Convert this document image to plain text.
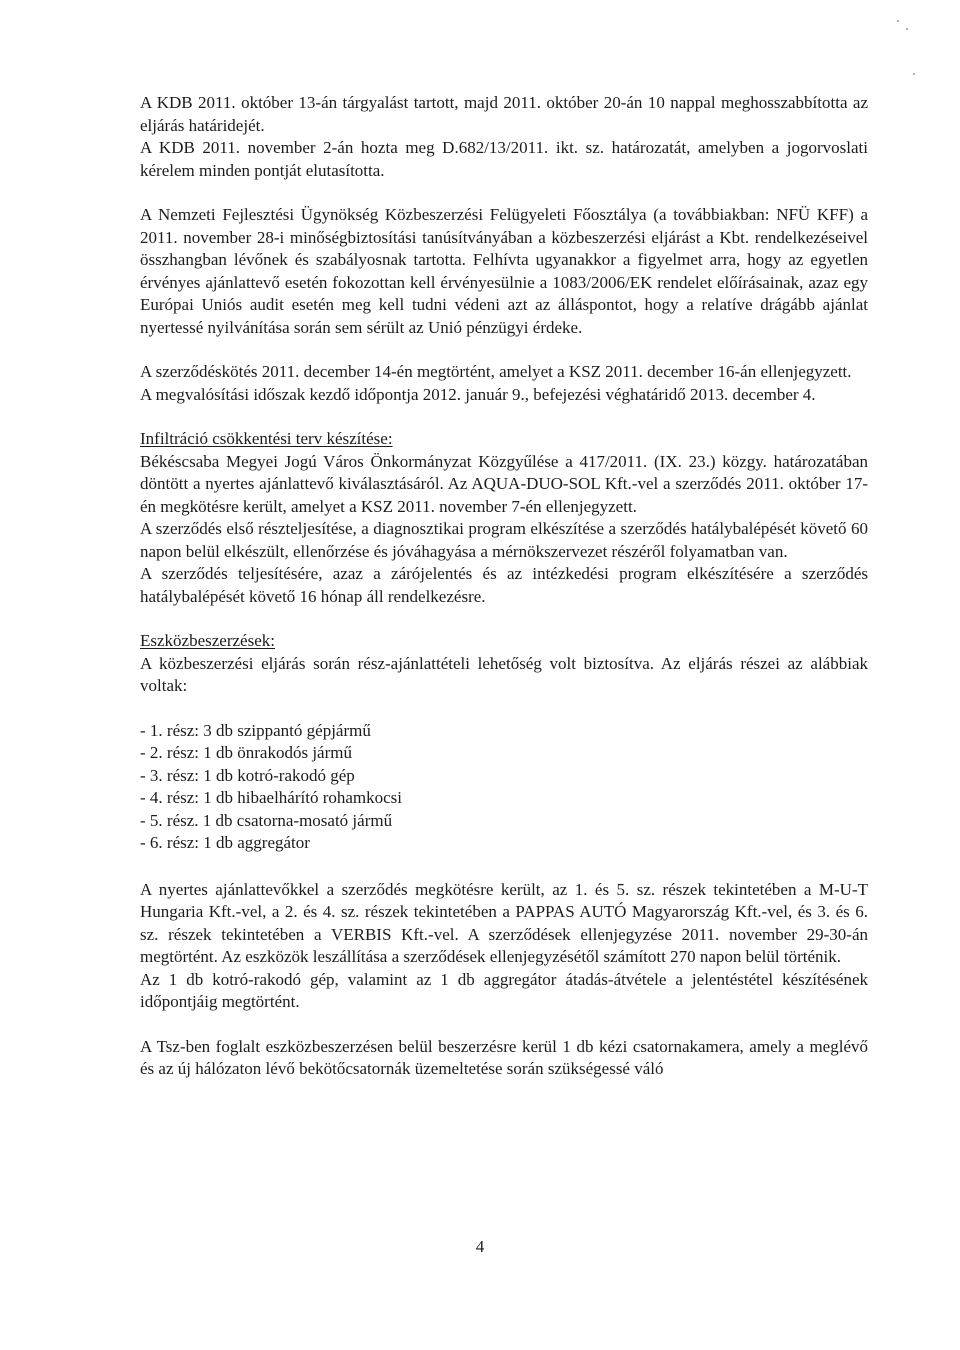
A KDB 2011. október 13-án tárgyalást tartott, majd 2011. október 20-án 10 nappal meghosszabbította az eljárás határidejét.

A KDB 2011. november 2-án hozta meg D.682/13/2011. ikt. sz. határozatát, amelyben a jogorvoslati kérelem minden pontját elutasította.

A Nemzeti Fejlesztési Ügynökség Közbeszerzési Felügyeleti Főosztálya (a továbbiakban: NFÜ KFF) a 2011. november 28-i minőségbiztosítási tanúsítványában a közbeszerzési eljárást a Kbt. rendelkezéseivel összhangban lévőnek és szabályosnak tartotta. Felhívta ugyanakkor a figyelmet arra, hogy az egyetlen érvényes ajánlattevő esetén fokozottan kell érvényesülnie a 1083/2006/EK rendelet előírásainak, azaz egy Európai Uniós audit esetén meg kell tudni védeni azt az álláspontot, hogy a relatíve drágább ajánlat nyertessé nyilvánítása során sem sérült az Unió pénzügyi érdeke.

A szerződéskötés 2011. december 14-én megtörtént, amelyet a KSZ 2011. december 16-án ellenjegyzett.

A megvalósítási időszak kezdő időpontja 2012. január 9., befejezési véghatáridő 2013. december 4.

Infiltráció csökkentési terv készítése:

Békéscsaba Megyei Jogú Város Önkormányzat Közgyűlése a 417/2011. (IX. 23.) közgy. határozatában döntött a nyertes ajánlattevő kiválasztásáról. Az AQUA-DUO-SOL Kft.-vel a szerződés 2011. október 17-én megkötésre került, amelyet a KSZ 2011. november 7-én ellenjegyzett.

A szerződés első részteljesítése, a diagnosztikai program elkészítése a szerződés hatálybalépését követő 60 napon belül elkészült, ellenőrzése és jóváhagyása a mérnökszervezet részéről folyamatban van.

A szerződés teljesítésére, azaz a zárójelentés és az intézkedési program elkészítésére a szerződés hatálybalépését követő 16 hónap áll rendelkezésre.

Eszközbeszerzések:

A közbeszerzési eljárás során rész-ajánlattételi lehetőség volt biztosítva. Az eljárás részei az alábbiak voltak:

- 1. rész: 3 db szippantó gépjármű
- 2. rész: 1 db önrakodós jármű
- 3. rész: 1 db kotró-rakodó gép
- 4. rész: 1 db hibaelhárító rohamkocsi
- 5. rész. 1 db csatorna-mosató jármű
- 6. rész: 1 db aggregátor

A nyertes ajánlattevőkkel a szerződés megkötésre került, az 1. és 5. sz. részek tekintetében a M-U-T Hungaria Kft.-vel, a 2. és 4. sz. részek tekintetében a PAPPAS AUTÓ Magyarország Kft.-vel, és 3. és 6. sz. részek tekintetében a VERBIS Kft.-vel. A szerződések ellenjegyzése 2011. november 29-30-án megtörtént. Az eszközök leszállítása a szerződések ellenjegyzésétől számított 270 napon belül történik.

Az 1 db kotró-rakodó gép, valamint az 1 db aggregátor átadás-átvétele a jelentéstétel készítésének időpontjáig megtörtént.

A Tsz-ben foglalt eszközbeszerzésen belül beszerzésre kerül 1 db kézi csatornakamera, amely a meglévő és az új hálózaton lévő bekötőcsatornák üzemeltetése során szükségessé váló

4
